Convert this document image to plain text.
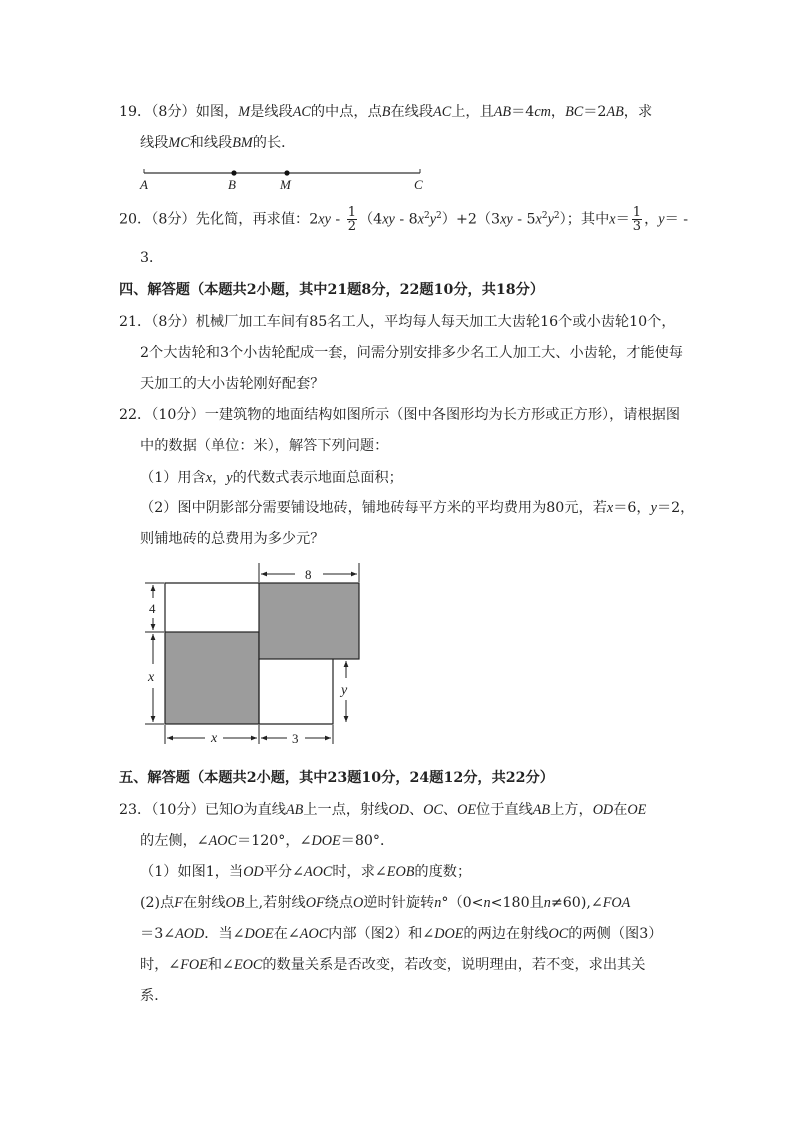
19．（8分）如图，M是线段AC的中点，点B在线段AC上，且AB＝4cm，BC＝2AB，求
线段MC和线段BM的长．
A	B	M	C
20．（8分）先化简，再求值：$2xy - \frac{1}{2} (4xy - 8x^2y^2)+2(3xy - 5x^2y^2)$；其中$x= \frac{1}{3}$ ，y＝ -
3．
四、解答题（本题共2小题，其中21题8分，22题10分，共18分）
21．（8分）机械厂加工车间有85名工人，平均每人每天加工大齿轮16个或小齿轮10个，
2个大齿轮和3个小齿轮配成一套，问需分别安排多少名工人加工大、小齿轮，才能使每
天加工的大小齿轮刚好配套？
22．（10分）一建筑物的地面结构如图所示（图中各图形均为长方形或正方形），请根据图
中的数据（单位：米），解答下列问题：
（1）用含x，y的代数式表示地面总面积；
（2）图中阴影部分需要铺设地砖，铺地砖每平方米的平均费用为80元，若x＝6，y＝2，
则铺地砖的总费用为多少元？
8
4
x
y
x	3
五、解答题（本题共2小题，其中23题10分，24题12分，共22分）
23．（10分）已知O为直线AB上一点，射线OD、OC、OE位于直线AB上方，OD在OE
的左侧，∠AOC＝120°，∠DOE＝80°．
（1）如图1，当OD平分∠AOC时，求∠EOB的度数；
(2)点F在射线OB上,若射线OF绕点O逆时针旋转n°（0<n<180且n≠60),∠FOA
＝3∠AOD．当∠DOE在∠AOC内部（图2）和∠DOE的两边在射线OC的两侧（图3）
时，∠FOE和∠EOC的数量关系是否改变，若改变，说明理由，若不变，求出其关
系．
